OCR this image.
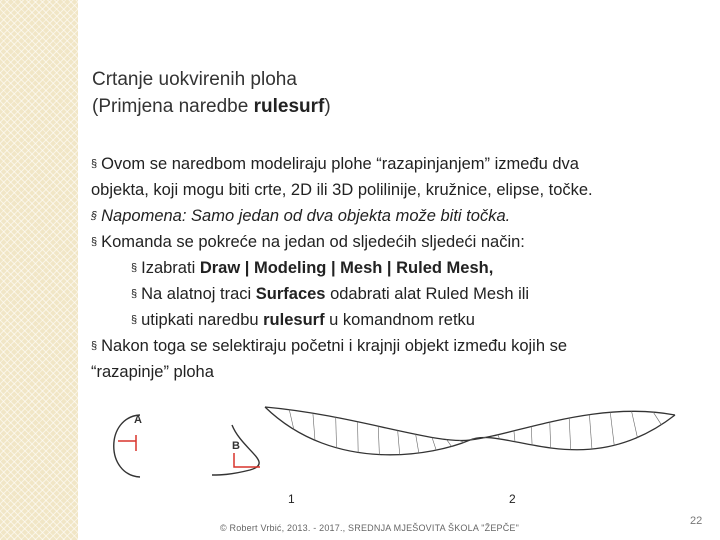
Crtanje uokvirenih ploha
(Primjena naredbe rulesurf)
§ Ovom se naredbom modeliraju plohe “razapinjanjem” između dva
objekta, koji mogu biti crte, 2D ili 3D polilinije, kružnice, elipse, točke.
§ Napomena: Samo jedan od dva objekta može biti točka.
§ Komanda se pokreće na jedan od sljedećih sljedeći način:
§ Izabrati Draw | Modeling | Mesh | Ruled Mesh,
§ Na alatnoj traci Surfaces odabrati alat Ruled Mesh ili
§ utipkati naredbu rulesurf u komandnom retku
§ Nakon toga se selektiraju početni i krajnji objekt između kojih se
“razapinje” ploha
A
B
1	2
© Robert Vrbić, 2013. - 2017., SREDNJA MJEŠOVITA ŠKOLA "ŽEPČE"
22
